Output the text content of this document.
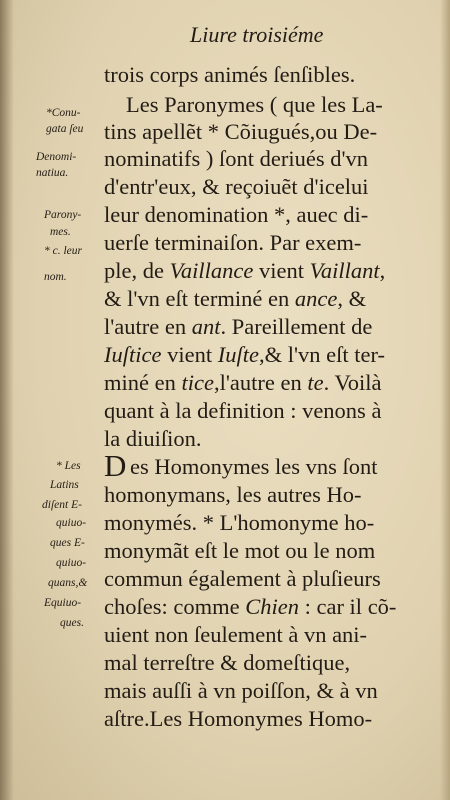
Liure troisiéme
trois corps animés ſenſibles.
Les Paronymes ( que les La-
tins apellẽt * Cõiugués,ou De-
nominatifs ) ſont deriués d'vn
d'entr'eux, & reçoiuẽt d'icelui
leur denomination *, auec di-
uerſe terminaiſon. Par exem-
ple, de Vaillance vient Vaillant,
& l'vn eſt terminé en ance, &
l'autre en ant. Pareillement de
Iuſtice vient Iuſte,& l'vn eſt ter-
miné en tice,l'autre en te. Voilà
quant à la definition : venons à
la diuiſion.
D es Homonymes les vns ſont
homonymans, les autres Ho-
monymés. * L'homonyme ho-
monymãt eſt le mot ou le nom
commun également à pluſieurs
choſes: comme Chien : car il cõ-
uient non ſeulement à vn ani-
mal terreſtre & domeſtique,
mais auſſi à vn poiſſon, & à vn
aſtre.Les Homonymes Homo-
*Conu-
gata ſeu
Denomi-
natiua.
Parony-
mes.
* c. leur
nom.
* Les
Latins
diſent E-
quiuo-
ques E-
quiuo-
quans,&
Equiuo-
ques.
